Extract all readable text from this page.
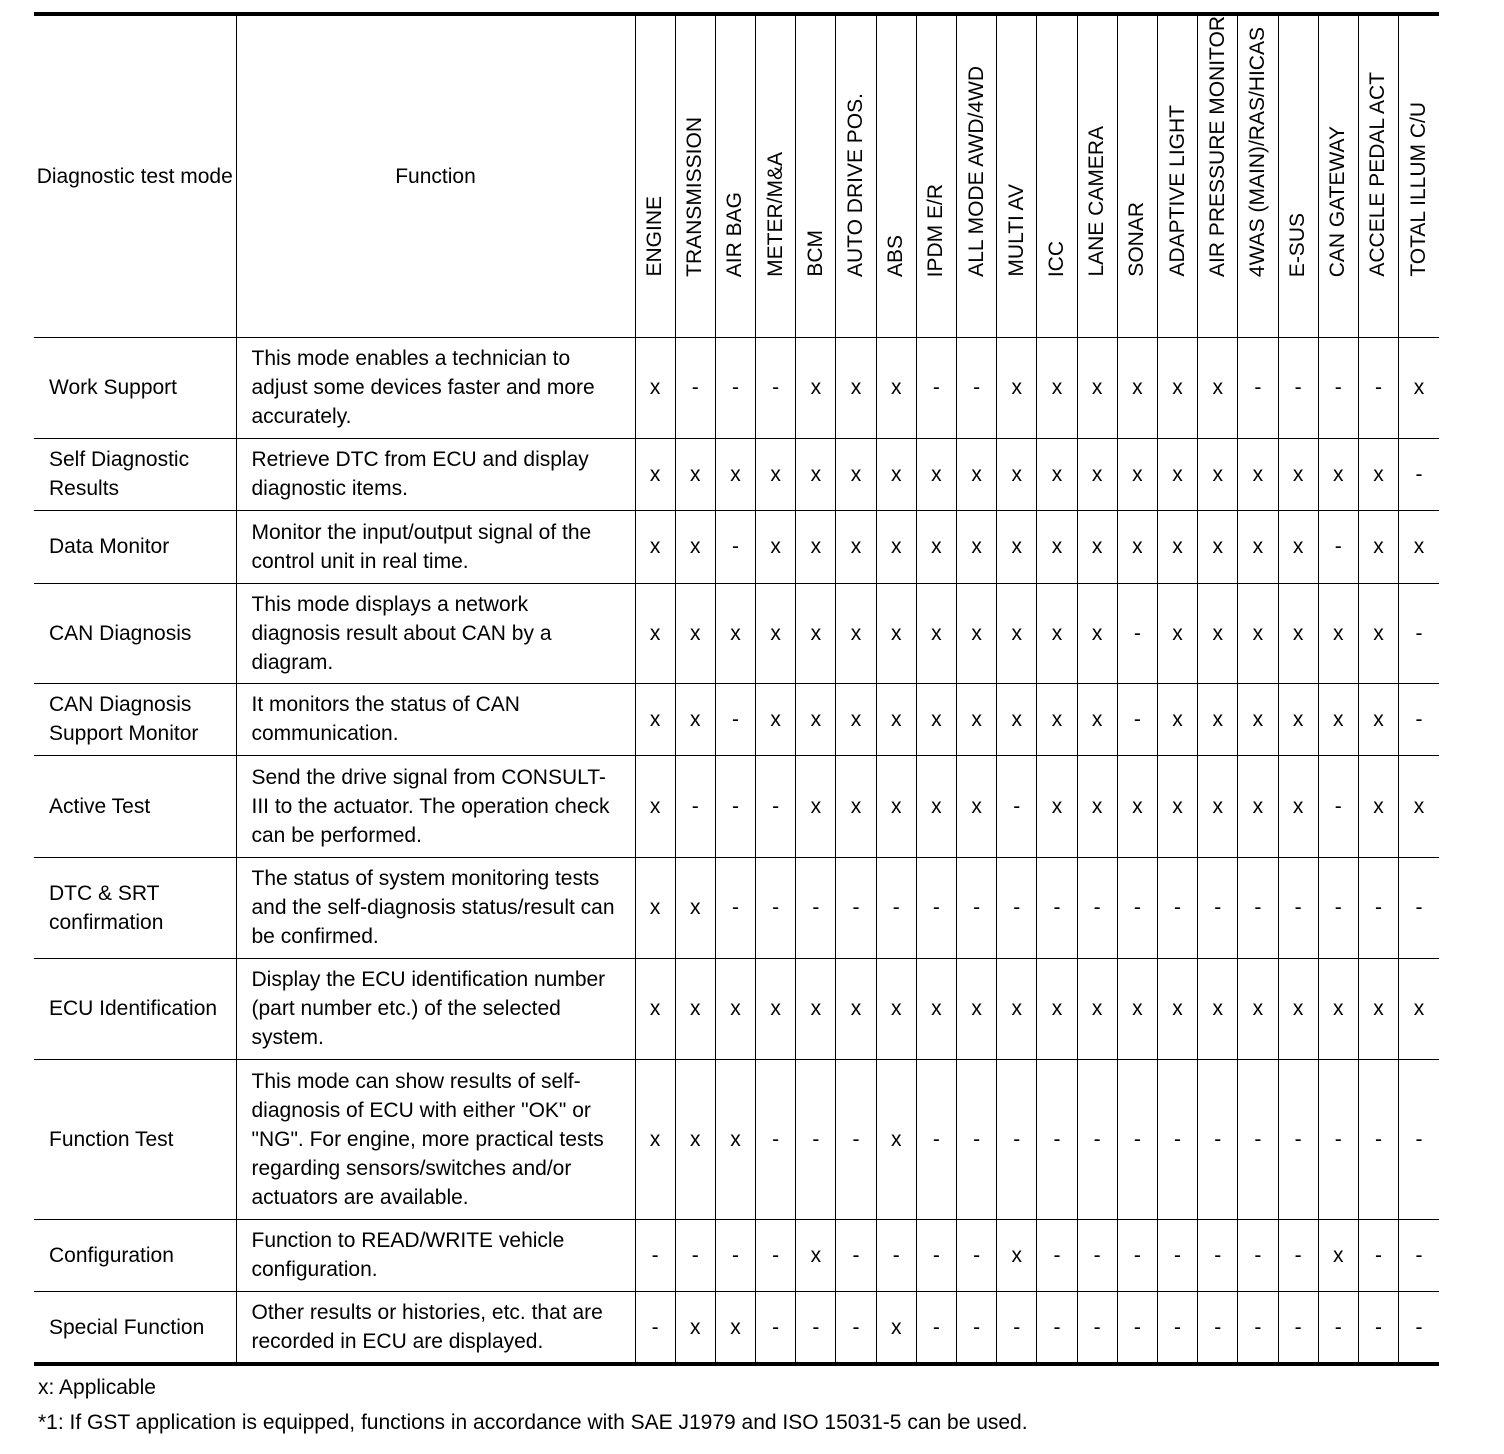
Diagnostic test mode	Function	ENGINE	TRANSMISSION	AIR BAG	METER/M&A	BCM	AUTO DRIVE POS.	ABS	IPDM E/R	ALL MODE AWD/4WD	MULTI AV	ICC	LANE CAMERA	SONAR	ADAPTIVE LIGHT	AIR PRESSURE MONITOR	4WAS (MAIN)/RAS/HICAS	E-SUS	CAN GATEWAY	ACCELE PEDAL ACT	TOTAL ILLUM C/U

Work Support	This mode enables a technician to adjust some devices faster and more accurately.	x	-	-	-	x	x	x	-	-	x	x	x	x	x	x	-	-	-	-	x
Self Diagnostic Results	Retrieve DTC from ECU and display diagnostic items.	x	x	x	x	x	x	x	x	x	x	x	x	x	x	x	x	x	x	x	-
Data Monitor	Monitor the input/output signal of the control unit in real time.	x	x	-	x	x	x	x	x	x	x	x	x	x	x	x	x	x	-	x	x
CAN Diagnosis	This mode displays a network diagnosis result about CAN by a diagram.	x	x	x	x	x	x	x	x	x	x	x	x	-	x	x	x	x	x	x	-
CAN Diagnosis Support Monitor	It monitors the status of CAN communication.	x	x	-	x	x	x	x	x	x	x	x	x	-	x	x	x	x	x	x	-
Active Test	Send the drive signal from CONSULT-III to the actuator. The operation check can be performed.	x	-	-	-	x	x	x	x	x	-	x	x	x	x	x	x	x	-	x	x
DTC & SRT confirmation	The status of system monitoring tests and the self-diagnosis status/result can be confirmed.	x	x	-	-	-	-	-	-	-	-	-	-	-	-	-	-	-	-	-	-
ECU Identification	Display the ECU identification number (part number etc.) of the selected system.	x	x	x	x	x	x	x	x	x	x	x	x	x	x	x	x	x	x	x	x
Function Test	This mode can show results of self-diagnosis of ECU with either "OK" or "NG". For engine, more practical tests regarding sensors/switches and/or actuators are available.	x	x	x	-	-	-	x	-	-	-	-	-	-	-	-	-	-	-	-	-
Configuration	Function to READ/WRITE vehicle configuration.	-	-	-	-	x	-	-	-	-	x	-	-	-	-	-	-	-	x	-	-
Special Function	Other results or histories, etc. that are recorded in ECU are displayed.	-	x	x	-	-	-	x	-	-	-	-	-	-	-	-	-	-	-	-	-
x: Applicable
*1: If GST application is equipped, functions in accordance with SAE J1979 and ISO 15031-5 can be used.
